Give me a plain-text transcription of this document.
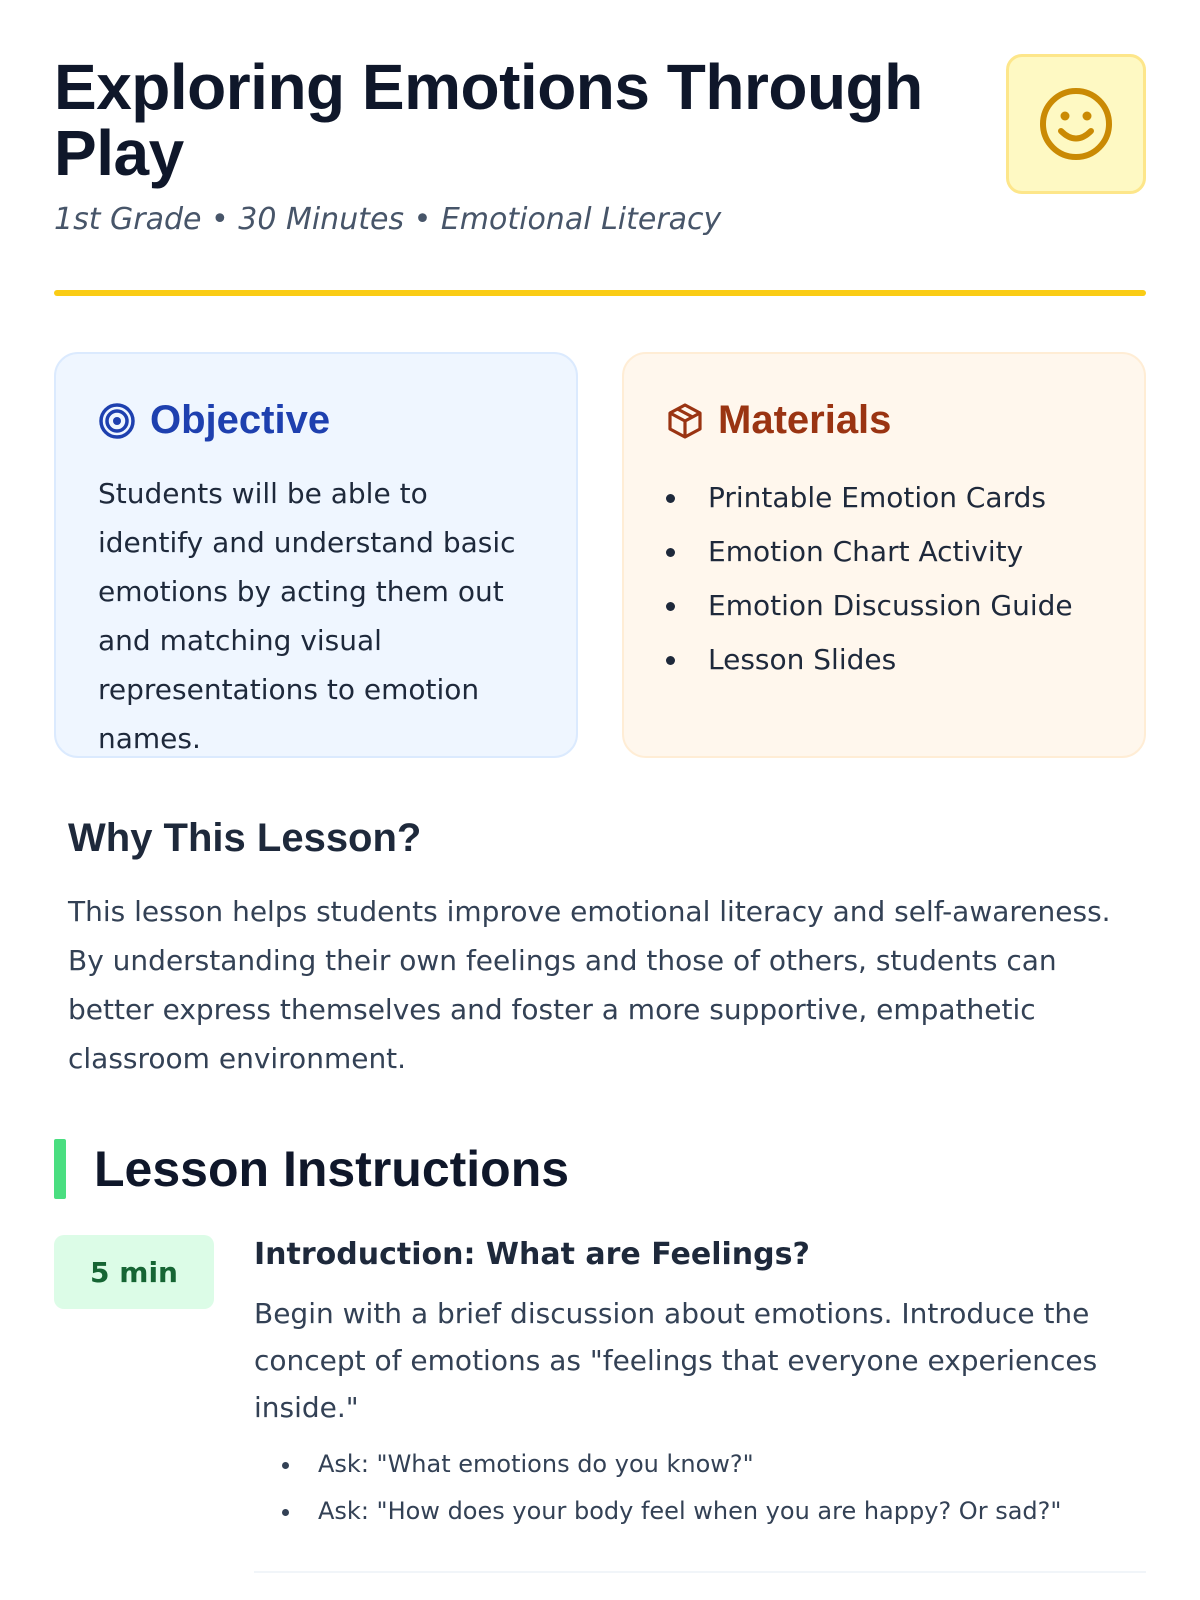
Exploring Emotions Through Play
1st Grade • 30 Minutes • Emotional Literacy
Objective

Students will be able to identify and understand basic emotions by acting them out and matching visual representations to emotion names.

Materials
Printable Emotion Cards
Emotion Chart Activity
Emotion Discussion Guide
Lesson Slides
Why This Lesson?

This lesson helps students improve emotional literacy and self-awareness. By understanding their own feelings and those of others, students can better express themselves and foster a more supportive, empathetic classroom environment.

Lesson Instructions
5 min	Introduction: What are Feelings?

Begin with a brief discussion about emotions. Introduce the concept of emotions as "feelings that everyone experiences inside."

Ask: "What emotions do you know?"
Ask: "How does your body feel when you are happy? Or sad?"
